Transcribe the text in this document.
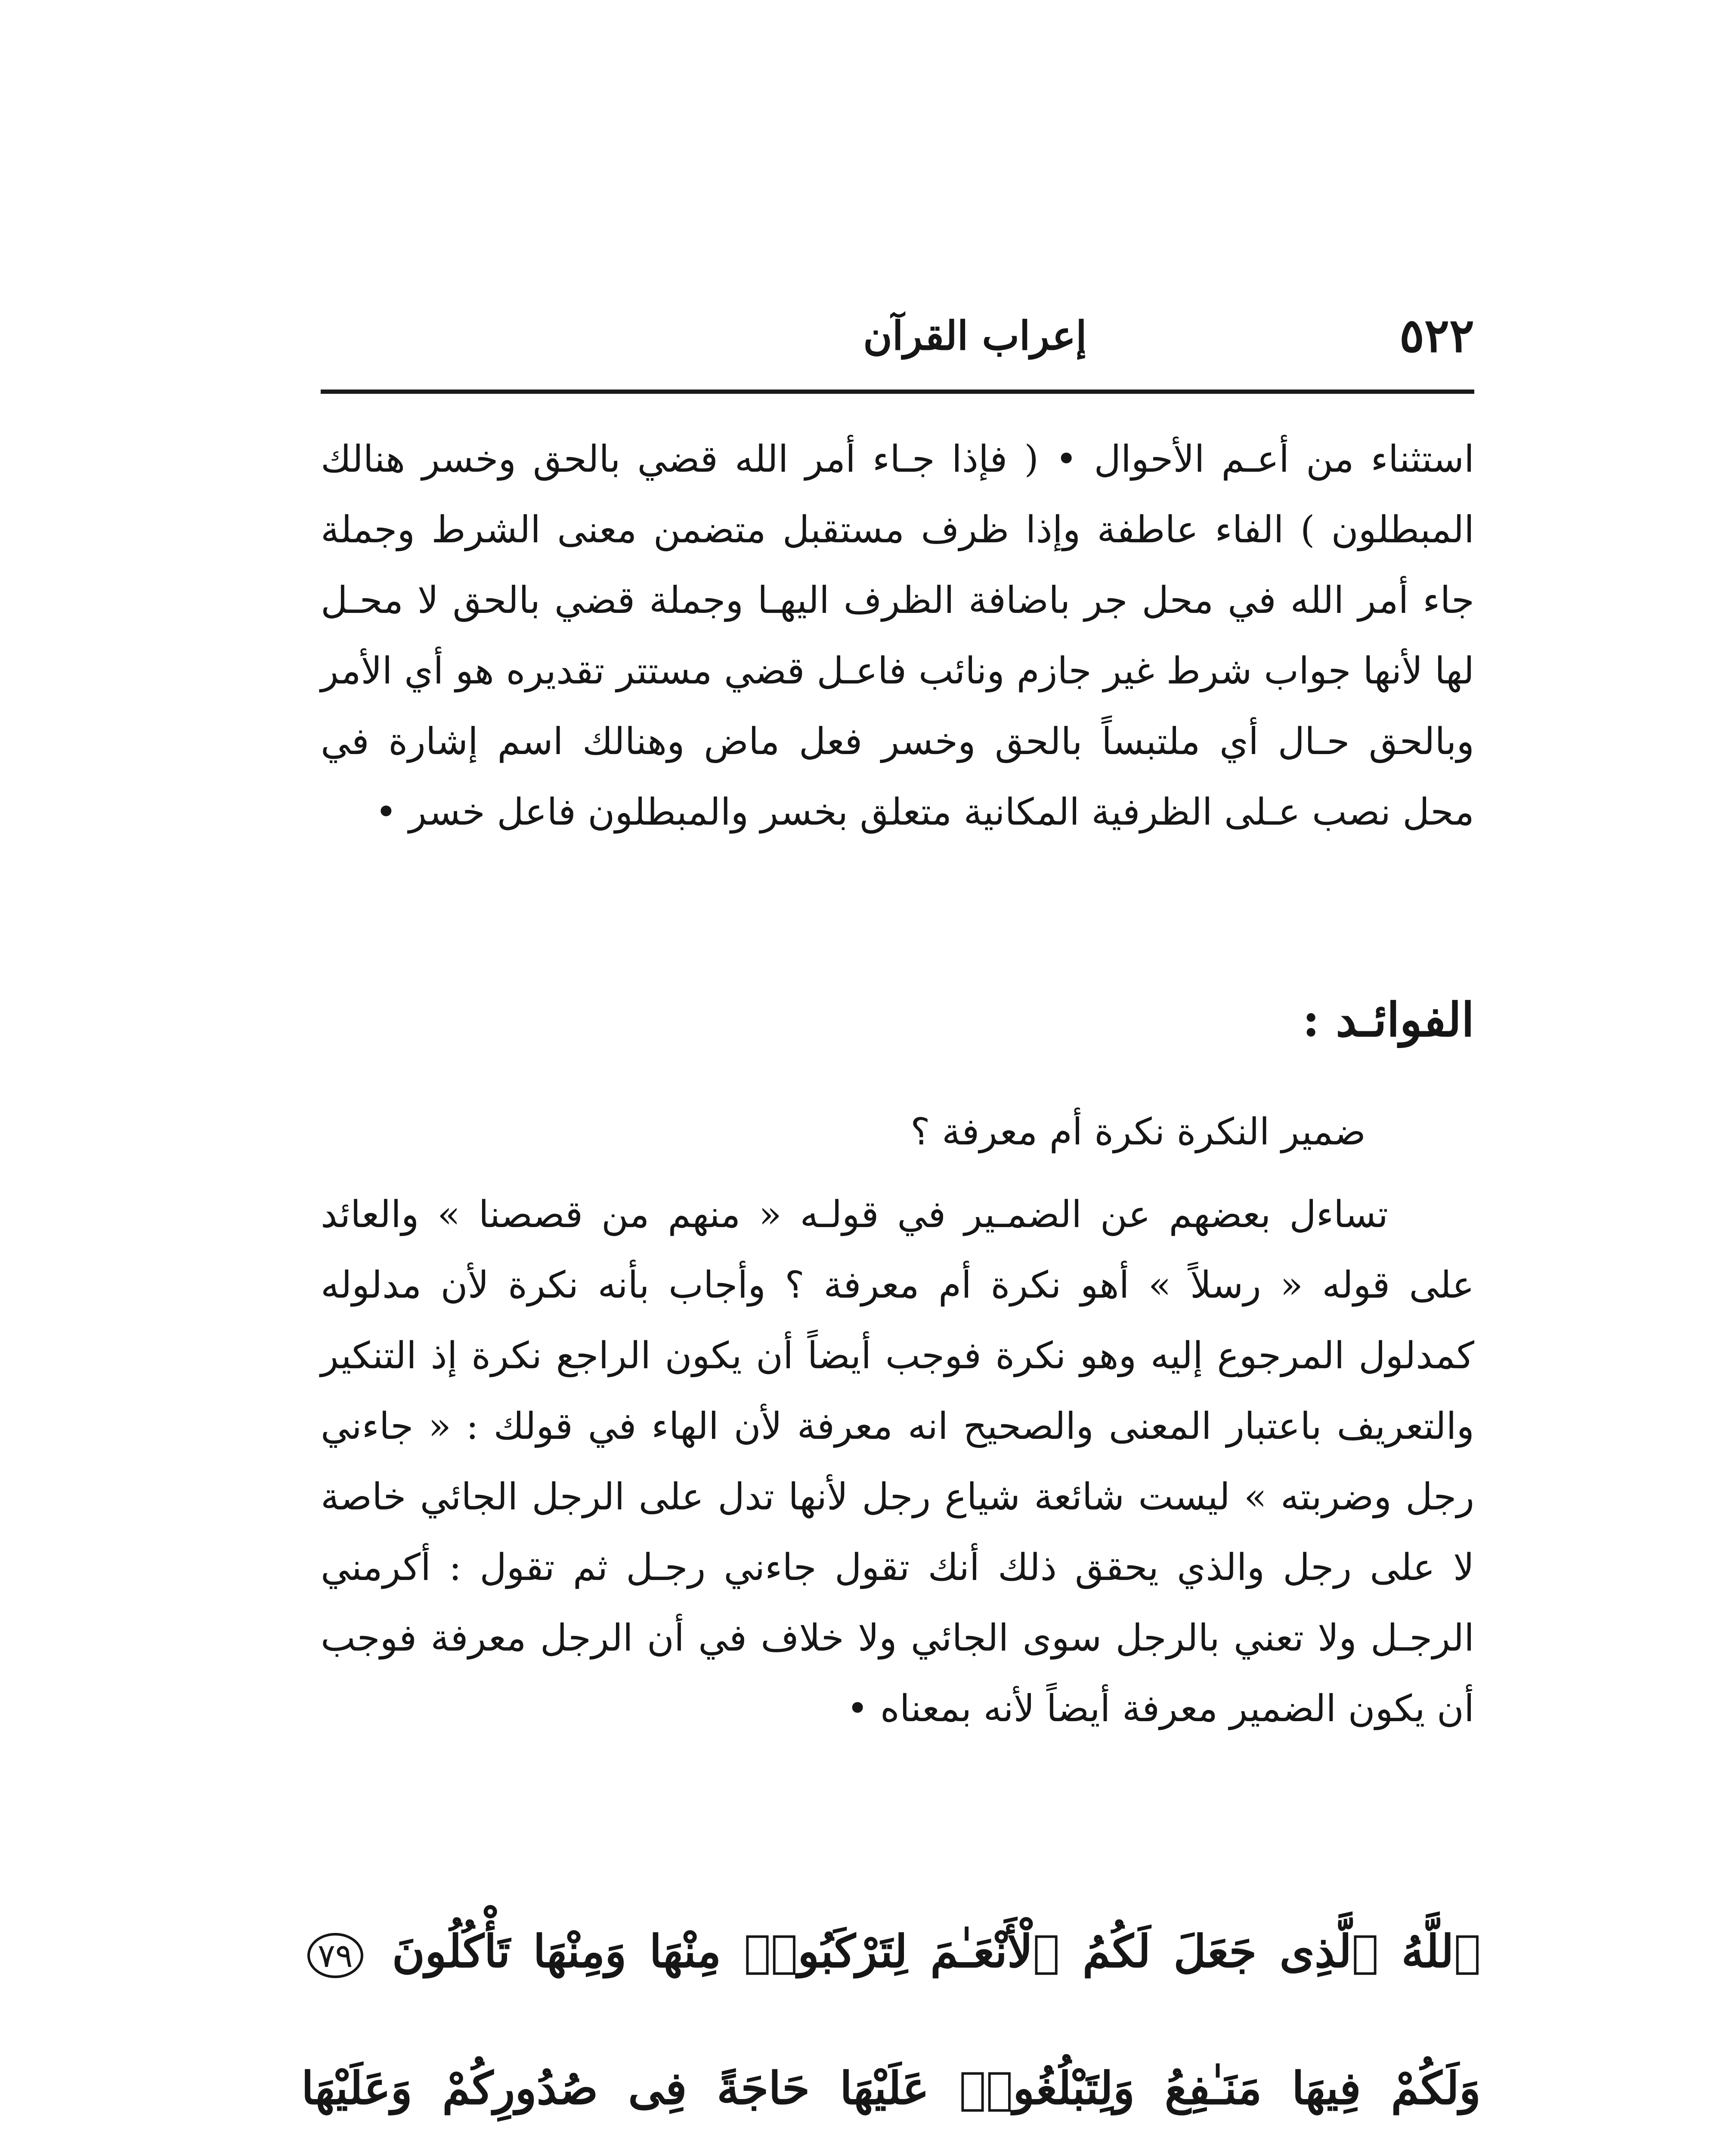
٥٢٢
إعراب القرآن

استثناء من أعـم الأحوال • ( فإذا جـاء أمر الله قضي بالحق وخسر هنالك المبطلون ) الفاء عاطفة وإذا ظرف مستقبل متضمن معنى الشرط وجملة جاء أمر الله في محل جر باضافة الظرف اليهـا وجملة قضي بالحق لا محـل لها لأنها جواب شرط غير جازم ونائب فاعـل قضي مستتر تقديره هو أي الأمر وبالحق حـال أي ملتبساً بالحق وخسر فعل ماض وهنالك اسم إشارة في محل نصب عـلى الظرفية المكانية متعلق بخسر والمبطلون فاعل خسر •

الفوائـد :
ضمير النكرة نكرة أم معرفة ؟

تساءل بعضهم عن الضمـير في قولـه « منهم من قصصنا » والعائد على قوله « رسلاً » أهو نكرة أم معرفة ؟ وأجاب بأنه نكرة لأن مدلوله كمدلول المرجوع إليه وهو نكرة فوجب أيضاً أن يكون الراجع نكرة إذ التنكير والتعريف باعتبار المعنى والصحيح انه معرفة لأن الهاء في قولك : « جاءني رجل وضربته » ليست شائعة شياع رجل لأنها تدل على الرجل الجائي خاصة لا على رجل والذي يحقق ذلك أنك تقول جاءني رجـل ثم تقول : أكرمني الرجـل ولا تعني بالرجل سوى الجائي ولا خلاف في أن الرجل معرفة فوجب أن يكون الضمير معرفة أيضاً لأنه بمعناه •

ٱللَّهُ ٱلَّذِى جَعَلَ لَكُمُ ٱلْأَنْعَـٰمَ لِتَرْكَبُوا۟ مِنْهَا وَمِنْهَا تَأْكُلُونَ ٧٩ وَلَكُمْ فِيهَا مَنَـٰفِعُ وَلِتَبْلُغُوا۟ عَلَيْهَا حَاجَةً فِى صُدُورِكُمْ وَعَلَيْهَا
